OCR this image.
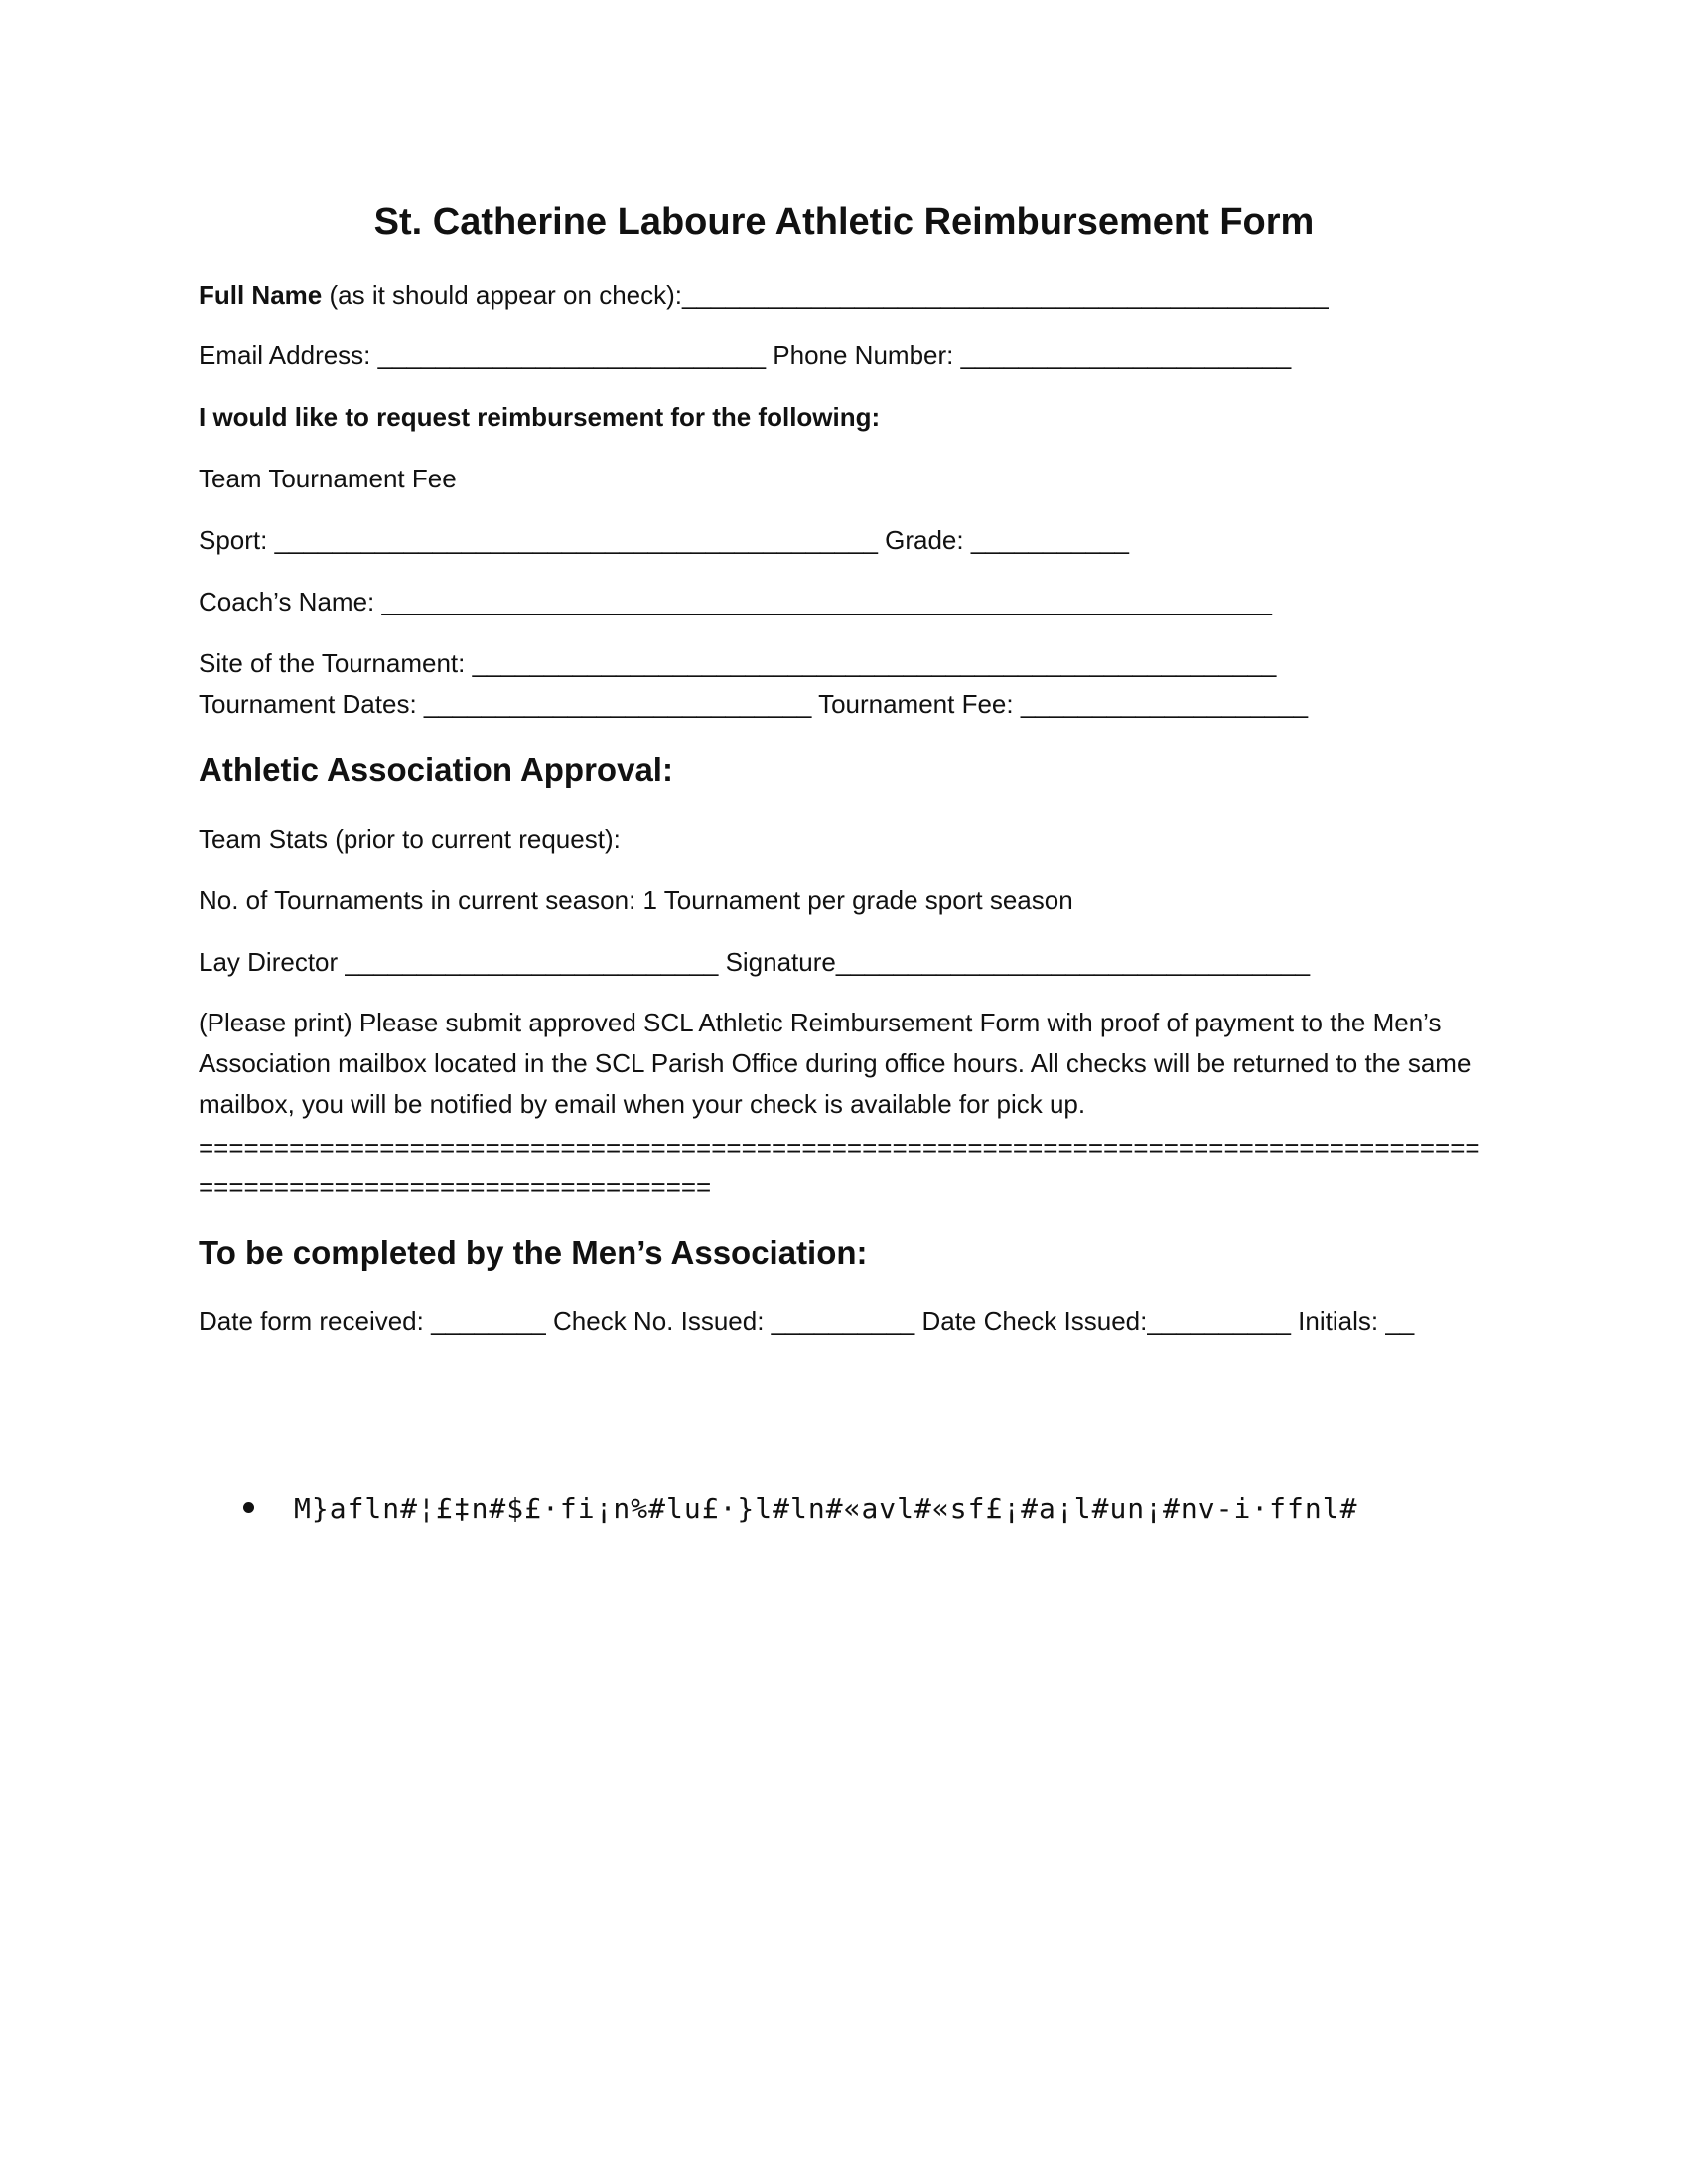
St. Catherine Laboure Athletic Reimbursement Form
Full Name (as it should appear on check):_____________________________________________
Email Address: ___________________________ Phone Number: _______________________
I would like to request reimbursement for the following:
Team Tournament Fee
Sport: __________________________________________ Grade: ___________
Coach’s Name: ______________________________________________________________
Site of the Tournament: ________________________________________________________
Tournament Dates: ___________________________ Tournament Fee: ____________________
Athletic Association Approval:
Team Stats (prior to current request):
No. of Tournaments in current season: 1 Tournament per grade sport season
Lay Director __________________________ Signature_________________________________
(Please print) Please submit approved SCL Athletic Reimbursement Form with proof of payment to the Men’s Association mailbox located in the SCL Parish Office during office hours. All checks will be returned to the same mailbox, you will be notified by email when your check is available for pick up.
=======================================================================================================================
To be completed by the Men’s Association:
Date form received: ________ Check No. Issued: __________ Date Check Issued:__________ Initials: __
M}afln#¦£‡n#$£·fi¡n%#lu£·}l#ln#«avl#«sf£¡#a¡l#un¡#nv-i·ffnl#
